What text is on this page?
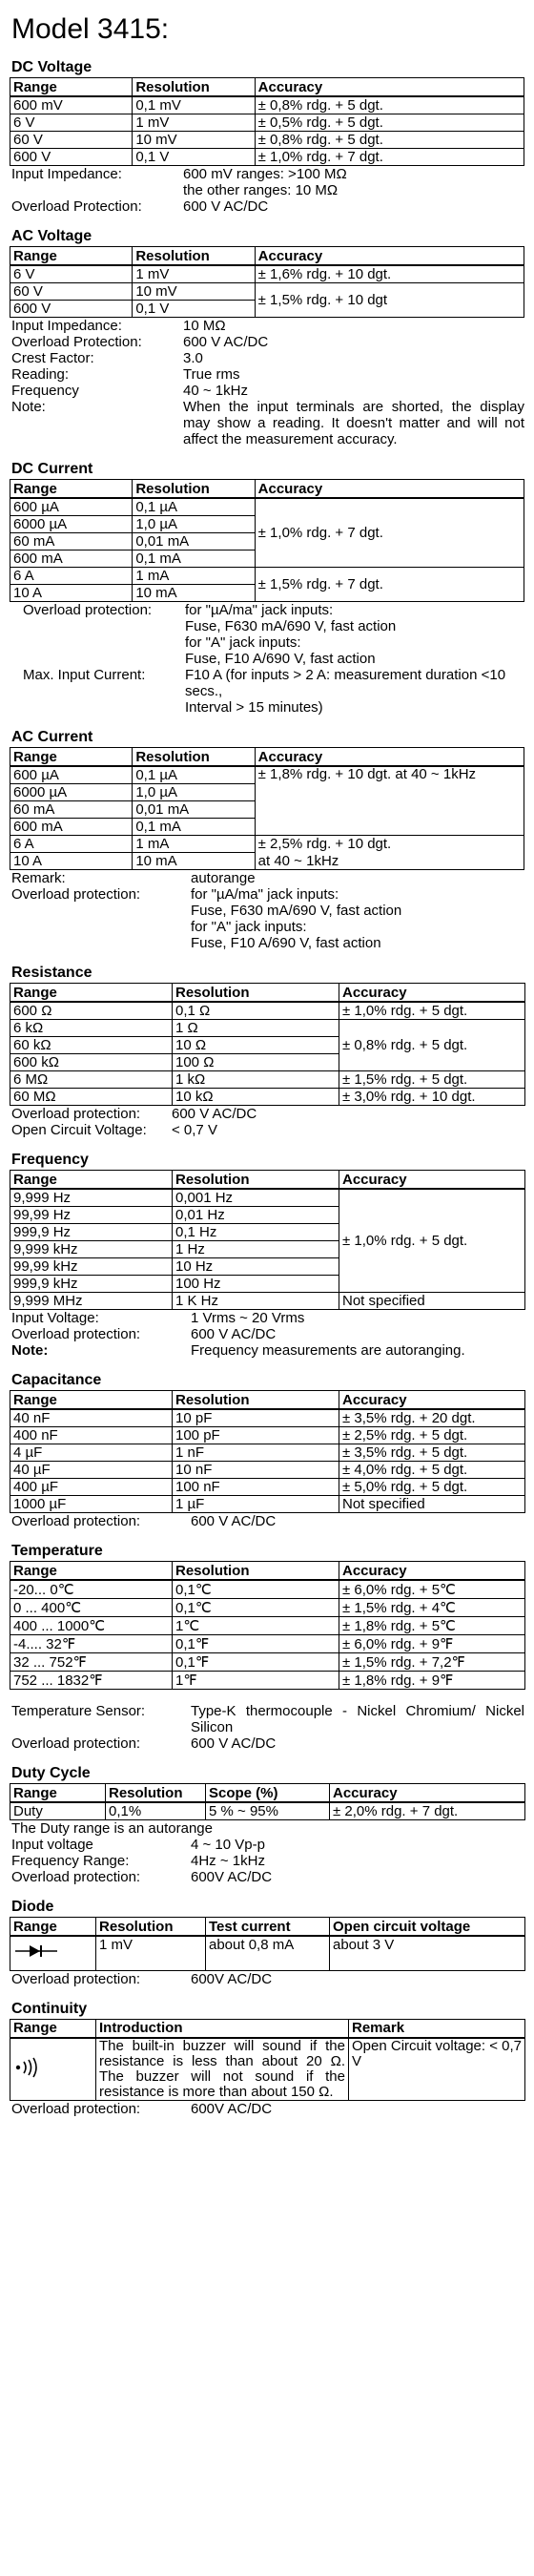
Model 3415:
DC Voltage
Range	Resolution	Accuracy
600 mV	0,1 mV	± 0,8% rdg. + 5 dgt.
6 V	1 mV	± 0,5% rdg. + 5 dgt.
60 V	10 mV	± 0,8% rdg. + 5 dgt.
600 V	0,1 V	± 1,0% rdg. + 7 dgt.
Input Impedance:	600 mV ranges: >100 MΩ
the other ranges: 10 MΩ
Overload Protection:	600 V AC/DC
AC Voltage
Range	Resolution	Accuracy
6 V	1 mV	± 1,6% rdg. + 10 dgt.
60 V	10 mV	± 1,5% rdg. + 10 dgt
600 V	0,1 V	
Input Impedance:	10 MΩ
Overload Protection:	600 V AC/DC
Crest Factor:	3.0
Reading:	True rms
Frequency	40 ~ 1kHz
Note:	When the input terminals are shorted, the display may show a reading. It doesn't matter and will not affect the measurement accuracy.
DC Current
Range	Resolution	Accuracy
600 µA	0,1 µA	± 1,0% rdg. + 7 dgt.
6000 µA	1,0 µA	
60 mA	0,01 mA	
600 mA	0,1 mA	
6 A	1 mA	± 1,5% rdg. + 7 dgt.
10 A	10 mA	
Overload protection:	for "µA/ma" jack inputs:
Fuse, F630 mA/690 V, fast action
for "A" jack inputs:
Fuse, F10 A/690 V, fast action
Max. Input Current:	F10 A (for inputs > 2 A: measurement duration <10 secs.,
Interval > 15 minutes)
AC Current
Range	Resolution	Accuracy
600 µA	0,1 µA	± 1,8% rdg. + 10 dgt. at 40 ~ 1kHz
6000 µA	1,0 µA	
60 mA	0,01 mA	
600 mA	0,1 mA	
6 A	1 mA	± 2,5% rdg. + 10 dgt.
10 A	10 mA	at 40 ~ 1kHz
Remark:	autorange
Overload protection:	for "µA/ma" jack inputs:
Fuse, F630 mA/690 V, fast action
for "A" jack inputs:
Fuse, F10 A/690 V, fast action
Resistance
Range	Resolution	Accuracy
600 Ω	0,1 Ω	± 1,0% rdg. + 5 dgt.
6 kΩ	1 Ω	± 0,8% rdg. + 5 dgt.
60 kΩ	10 Ω	
600 kΩ	100 Ω	
6 MΩ	1 kΩ	± 1,5% rdg. + 5 dgt.
60 MΩ	10 kΩ	± 3,0% rdg. + 10 dgt.
Overload protection:	600 V AC/DC
Open Circuit Voltage:	< 0,7 V
Frequency
Range	Resolution	Accuracy
9,999 Hz	0,001 Hz	± 1,0% rdg. + 5 dgt.
99,99 Hz	0,01 Hz	
999,9 Hz	0,1 Hz	
9,999 kHz	1 Hz	
99,99 kHz	10 Hz	
999,9 kHz	100 Hz	
9,999 MHz	1 K Hz	Not specified
Input Voltage:	1 Vrms ~ 20 Vrms
Overload protection:	600 V AC/DC
Note:	Frequency measurements are autoranging.
Capacitance
Range	Resolution	Accuracy
40 nF	10 pF	± 3,5% rdg. + 20 dgt.
400 nF	100 pF	± 2,5% rdg. + 5 dgt.
4 µF	1 nF	± 3,5% rdg. + 5 dgt.
40 µF	10 nF	± 4,0% rdg. + 5 dgt.
400 µF	100 nF	± 5,0% rdg. + 5 dgt.
1000 µF	1 µF	Not specified
Overload protection:	600 V AC/DC
Temperature
Range	Resolution	Accuracy
-20... 0℃	0,1℃	± 6,0% rdg. + 5℃
0 ... 400℃	0,1℃	± 1,5% rdg. + 4℃
400 ... 1000℃	1℃	± 1,8% rdg. + 5℃
-4.... 32℉	0,1℉	± 6,0% rdg. + 9℉
32 ... 752℉	0,1℉	± 1,5% rdg. + 7,2℉
752 ... 1832℉	1℉	± 1,8% rdg. + 9℉
Temperature Sensor:	Type-K thermocouple - Nickel Chromium/ Nickel Silicon
Overload protection:	600 V AC/DC
Duty Cycle
Range	Resolution	Scope (%)	Accuracy
Duty	0,1%	5 % ~ 95%	± 2,0% rdg. + 7 dgt.
The Duty range is an autorange
Input voltage	4 ~ 10 Vp-p
Frequency Range:	4Hz ~ 1kHz
Overload protection:	600V AC/DC
Diode
Range	Resolution	Test current	Open circuit voltage
	1 mV	about 0,8 mA	about 3 V
Overload protection:	600V AC/DC
Continuity
Range	Introduction	Remark
	The built-in buzzer will sound if the resistance is less than about 20 Ω. The buzzer will not sound if the resistance is more than about 150 Ω.	Open Circuit voltage: < 0,7 V
Overload protection:	600V AC/DC
